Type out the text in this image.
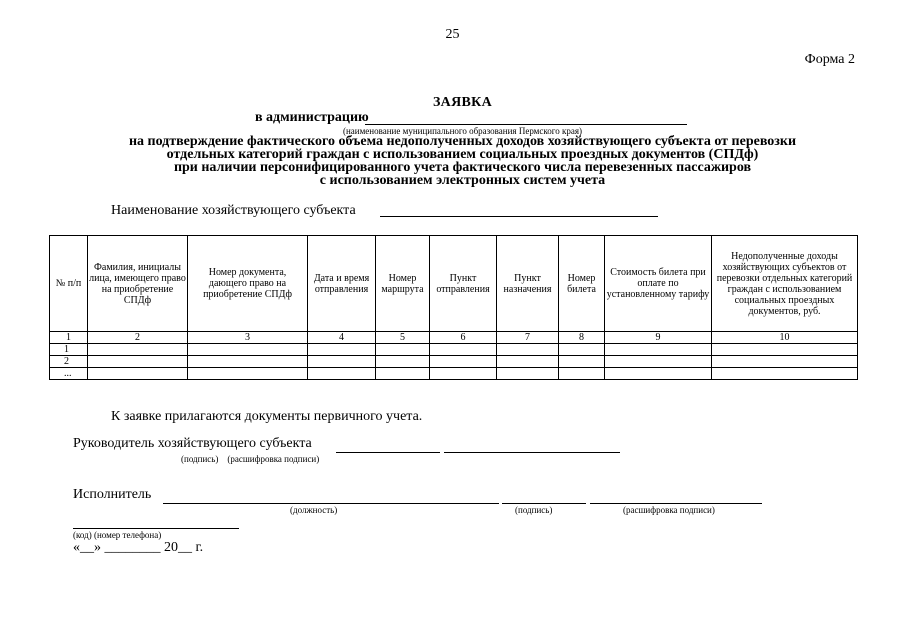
25
Форма 2
ЗАЯВКА
в администрацию
(наименование муниципального образования Пермского края)
на подтверждение фактического объема недополученных доходов хозяйствующего субъекта от перевозки
отдельных категорий граждан с использованием социальных проездных документов (СПДф)
при наличии персонифицированного учета фактического числа перевезенных пассажиров
с использованием электронных систем учета
Наименование хозяйствующего субъекта
№ п/п	Фамилия, инициалы лица, имеющего право на приобретение СПДф	Номер документа, дающего право на приобретение СПДф	Дата и время отправления	Номер маршрута	Пункт отправления	Пункт назначения	Номер билета	Стоимость билета при оплате по установленному тарифу	Недополученные доходы хозяйствующих субъектов от перевозки отдельных категорий граждан с использованием социальных проездных документов, руб.
1	2	3	4	5	6	7	8	9	10
1									
2									
...									
К заявке прилагаются документы первичного учета.
Руководитель хозяйствующего субъекта
(подпись) (расшифровка подписи)
Исполнитель
(должность)	(подпись)	(расшифровка подписи)
(код) (номер телефона)
«__» ________ 20__ г.
